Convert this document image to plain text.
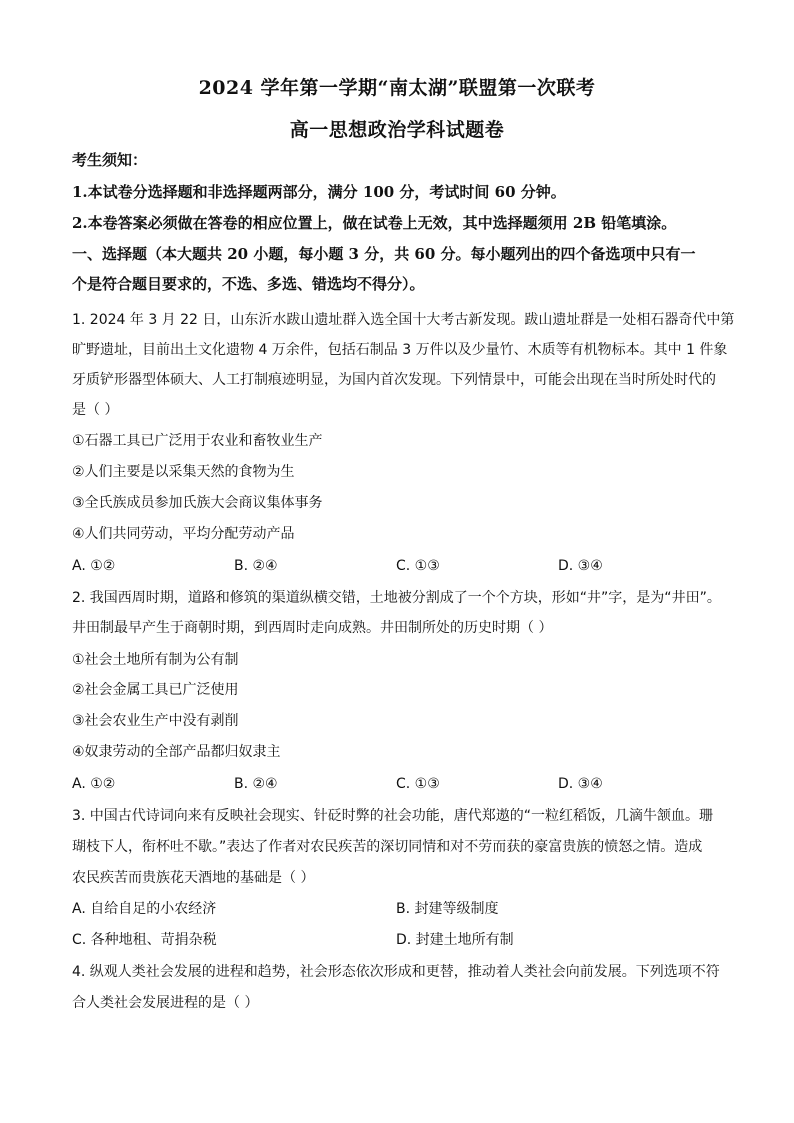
2024 学年第一学期“南太湖”联盟第一次联考
高一思想政治学科试题卷
考生须知：
1.本试卷分选择题和非选择题两部分，满分 100 分，考试时间 60 分钟。
2.本卷答案必须做在答卷的相应位置上，做在试卷上无效，其中选择题须用 2B 铅笔填涂。
一、选择题（本大题共 20 小题，每小题 3 分，共 60 分。每小题列出的四个备选项中只有一
个是符合题目要求的，不选、多选、错选均不得分）。
1. 2024 年 3 月 22 日，山东沂水跋山遗址群入选全国十大考古新发现。跋山遗址群是一处相石器奇代中第
旷野遗址，目前出土文化遗物 4 万余件，包括石制品 3 万件以及少量竹、木质等有机物标本。其中 1 件象
牙质铲形器型体硕大、人工打制痕迹明显，为国内首次发现。下列情景中，可能会出现在当时所处时代的
是（ ）
①石器工具已广泛用于农业和畜牧业生产
②人们主要是以采集天然的食物为生
③全氏族成员参加氏族大会商议集体事务
④人们共同劳动，平均分配劳动产品
A. ①②	B. ②④	C. ①③	D. ③④
2. 我国西周时期，道路和修筑的渠道纵横交错，土地被分割成了一个个方块，形如“井”字，是为“井田”。
井田制最早产生于商朝时期，到西周时走向成熟。井田制所处的历史时期（ ）
①社会土地所有制为公有制
②社会金属工具已广泛使用
③社会农业生产中没有剥削
④奴隶劳动的全部产品都归奴隶主
A. ①②	B. ②④	C. ①③	D. ③④
3. 中国古代诗词向来有反映社会现实、针砭时弊的社会功能，唐代郑遨的“一粒红稻饭，几滴牛颔血。珊
瑚枝下人，衔杯吐不歇。”表达了作者对农民疾苦的深切同情和对不劳而获的豪富贵族的愤怒之情。造成
农民疾苦而贵族花天酒地的基础是（ ）
A. 自给自足的小农经济	B. 封建等级制度
C. 各种地租、苛捐杂税	D. 封建土地所有制
4. 纵观人类社会发展的进程和趋势，社会形态依次形成和更替，推动着人类社会向前发展。下列选项不符
合人类社会发展进程的是（ ）
